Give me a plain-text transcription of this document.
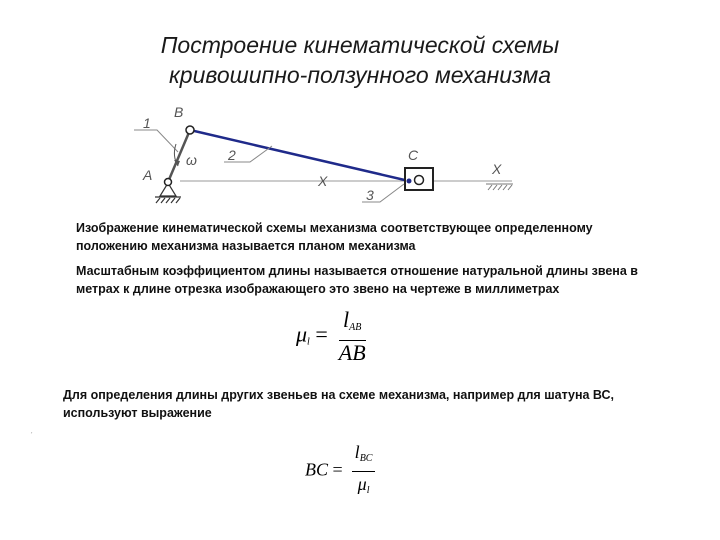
Построение кинематической схемы
кривошипно-ползунного механизма
1
B
ω 2
A
C
X
X
3
Изображение кинематической схемы механизма соответствующее определенному положению механизма называется планом механизма
Масштабным коэффициентом длины называется отношение натуральной длины звена в метрах к длине отрезка изображающего это звено на чертеже в миллиметрах
$\mu_l = \frac{l_{AB}}{AB}$
Для определения длины других звеньев на схеме механизма, например для шатуна ВС, используют выражение
ˏ
BC = $\frac{l_{BC}}{\mu_l}$
